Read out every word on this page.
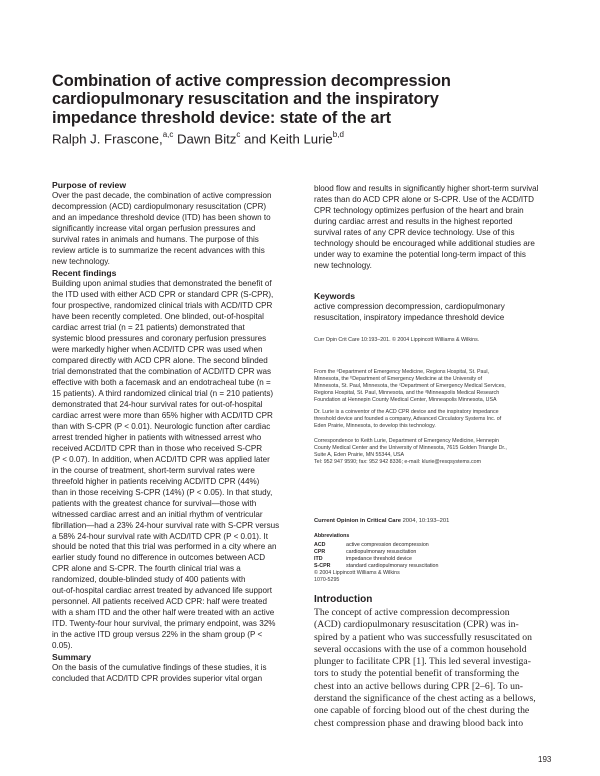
Combination of active compression decompression
cardiopulmonary resuscitation and the inspiratory
impedance threshold device: state of the art
Ralph J. Frascone,$^{a,c}$ Dawn Bitz$^c$ and Keith Lurie$^{b,d}$
Purpose of review
Over the past decade, the combination of active compression
decompression (ACD) cardiopulmonary resuscitation (CPR)
and an impedance threshold device (ITD) has been shown to
significantly increase vital organ perfusion pressures and
survival rates in animals and humans. The purpose of this
review article is to summarize the recent advances with this
new technology.
Recent findings
Building upon animal studies that demonstrated the benefit of
the ITD used with either ACD CPR or standard CPR (S-CPR),
four prospective, randomized clinical trials with ACD/ITD CPR
have been recently completed. One blinded, out-of-hospital
cardiac arrest trial (n = 21 patients) demonstrated that
systemic blood pressures and coronary perfusion pressures
were markedly higher when ACD/ITD CPR was used when
compared directly with ACD CPR alone. The second blinded
trial demonstrated that the combination of ACD/ITD CPR was
effective with both a facemask and an endotracheal tube (n =
15 patients). A third randomized clinical trial (n = 210 patients)
demonstrated that 24-hour survival rates for out-of-hospital
cardiac arrest were more than 65% higher with ACD/ITD CPR
than with S-CPR (P < 0.01). Neurologic function after cardiac
arrest trended higher in patients with witnessed arrest who
received ACD/ITD CPR than in those who received S-CPR
(P < 0.07). In addition, when ACD/ITD CPR was applied later
in the course of treatment, short-term survival rates were
threefold higher in patients receiving ACD/ITD CPR (44%)
than in those receiving S-CPR (14%) (P < 0.05). In that study,
patients with the greatest chance for survival—those with
witnessed cardiac arrest and an initial rhythm of ventricular
fibrillation—had a 23% 24-hour survival rate with S-CPR versus
a 58% 24-hour survival rate with ACD/ITD CPR (P < 0.01). It
should be noted that this trial was performed in a city where an
earlier study found no difference in outcomes between ACD
CPR alone and S-CPR. The fourth clinical trial was a
randomized, double-blinded study of 400 patients with
out-of-hospital cardiac arrest treated by advanced life support
personnel. All patients received ACD CPR: half were treated
with a sham ITD and the other half were treated with an active
ITD. Twenty-four hour survival, the primary endpoint, was 32%
in the active ITD group versus 22% in the sham group (P <
0.05).
Summary
On the basis of the cumulative findings of these studies, it is
concluded that ACD/ITD CPR provides superior vital organ
blood flow and results in significantly higher short-term survival
rates than do ACD CPR alone or S-CPR. Use of the ACD/ITD
CPR technology optimizes perfusion of the heart and brain
during cardiac arrest and results in the highest reported
survival rates of any CPR device technology. Use of this
technology should be encouraged while additional studies are
under way to examine the potential long-term impact of this
new technology.
Keywords
active compression decompression, cardiopulmonary
resuscitation, inspiratory impedance threshold device
Curr Opin Crit Care 10:193–201. © 2004 Lippincott Williams & Wilkins.
From the ᵃDepartment of Emergency Medicine, Regions Hospital, St. Paul,
Minnesota, the ᵇDepartment of Emergency Medicine at the University of
Minnesota, St. Paul, Minnesota, the ᶜDepartment of Emergency Medical Services,
Regions Hospital, St. Paul, Minnesota, and the ᵈMinneapolis Medical Research
Foundation at Hennepin County Medical Center, Minneapolis Minnesota, USA
Dr. Lurie is a coinventor of the ACD CPR device and the inspiratory impedance
threshold device and founded a company, Advanced Circulatory Systems Inc. of
Eden Prairie, Minnesota, to develop this technology.
Correspondence to Keith Lurie, Department of Emergency Medicine, Hennepin
County Medical Center and the University of Minnesota, 7615 Golden Triangle Dr.,
Suite A, Eden Prairie, MN 55344, USA
Tel: 952 947 9590; fax: 952 942 8336; e-mail: klurie@resqsystems.com
Current Opinion in Critical Care 2004, 10:193–201
Abbreviations
ACD	active compression decompression
CPR	cardiopulmonary resuscitation
ITD	impedance threshold device
S-CPR	standard cardiopulmonary resuscitation
© 2004 Lippincott Williams & Wilkins
1070-5295
Introduction
The concept of active compression decompression
(ACD) cardiopulmonary resuscitation (CPR) was in-
spired by a patient who was successfully resuscitated on
several occasions with the use of a common household
plunger to facilitate CPR [1]. This led several investiga-
tors to study the potential benefit of transforming the
chest into an active bellows during CPR [2–6]. To un-
derstand the significance of the chest acting as a bellows,
one capable of forcing blood out of the chest during the
chest compression phase and drawing blood back into
193
